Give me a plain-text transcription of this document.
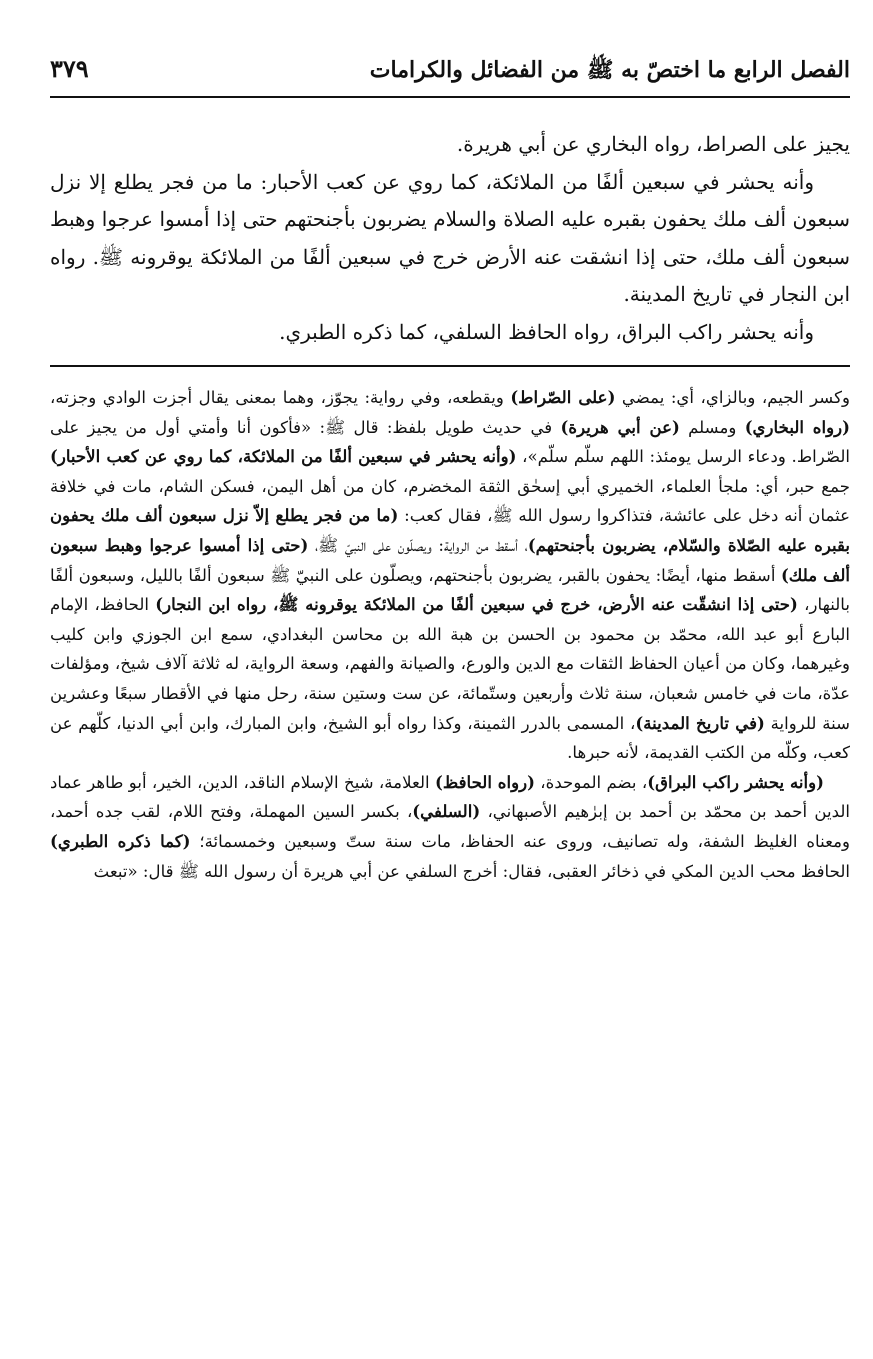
الفصل الرابع ما اختصّ به ﷺ من الفضائل والكرامات
٣٧٩

يجيز على الصراط، رواه البخاري عن أبي هريرة.

وأنه يحشر في سبعين ألفًا من الملائكة، كما روي عن كعب الأحبار: ما من فجر يطلع إلا نزل سبعون ألف ملك يحفون بقبره عليه الصلاة والسلام يضربون بأجنحتهم حتى إذا أمسوا عرجوا وهبط سبعون ألف ملك، حتى إذا انشقت عنه الأرض خرج في سبعين ألفًا من الملائكة يوقرونه ﷺ. رواه ابن النجار في تاريخ المدينة.

وأنه يحشر راكب البراق، رواه الحافظ السلفي، كما ذكره الطبري.

وكسر الجيم، وبالزاي، أي: يمضي (على الصّراط) ويقطعه، وفي رواية: يجوّز، وهما بمعنى يقال أجزت الوادي وجزته، (رواه البخاري) ومسلم (عن أبي هريرة) في حديث طويل بلفظ: قال ﷺ: «فأكون أنا وأمتي أول من يجيز على الصّراط. ودعاء الرسل يومئذ: اللهم سلّم سلّم»، (وأنه يحشر في سبعين ألفًا من الملائكة، كما روي عن كعب الأحبار) جمع حبر، أي: ملجأ العلماء، الخميري أبي إسحٰق الثقة المخضرم، كان من أهل اليمن، فسكن الشام، مات في خلافة عثمان أنه دخل على عائشة، فتذاكروا رسول الله ﷺ، فقال كعب: (ما من فجر يطلع إلاّ نزل سبعون ألف ملك يحفون بقبره عليه الصّلاة والسّلام، يضربون بأجنحتهم)، أسقط من الرواية: ويصلّون على النبيّ ﷺ، (حتى إذا أمسوا عرجوا وهبط سبعون ألف ملك) أسقط منها، أيضًا: يحفون بالقبر، يضربون بأجنحتهم، ويصلّون على النبيّ ﷺ سبعون ألفًا بالليل، وسبعون ألفًا بالنهار، (حتى إذا انشقّت عنه الأرض، خرج في سبعين ألفًا من الملائكة يوقرونه ﷺ، رواه ابن النجار) الحافظ، الإمام البارع أبو عبد الله، محمّد بن محمود بن الحسن بن هبة الله بن محاسن البغدادي، سمع ابن الجوزي وابن كليب وغيرهما، وكان من أعيان الحفاظ الثقات مع الدين والورع، والصيانة والفهم، وسعة الرواية، له ثلاثة آلاف شيخ، ومؤلفات عدّة، مات في خامس شعبان، سنة ثلاث وأربعين وستّمائة، عن ست وستين سنة، رحل منها في الأقطار سبعًا وعشرين سنة للرواية (في تاريخ المدينة)، المسمى بالدرر الثمينة، وكذا رواه أبو الشيخ، وابن المبارك، وابن أبي الدنيا، كلّهم عن كعب، وكلّه من الكتب القديمة، لأنه حبرها.

(وأنه يحشر راكب البراق)، بضم الموحدة، (رواه الحافظ) العلامة، شيخ الإسلام الناقد، الدين، الخير، أبو طاهر عماد الدين أحمد بن محمّد بن أحمد بن إبرٰهيم الأصبهاني، (السلفي)، بكسر السين المهملة، وفتح اللام، لقب جده أحمد، ومعناه الغليظ الشفة، وله تصانيف، وروى عنه الحفاظ، مات سنة ستّ وسبعين وخمسمائة؛ (كما ذكره الطبري) الحافظ محب الدين المكي في ذخائر العقبى، فقال: أخرج السلفي عن أبي هريرة أن رسول الله ﷺ قال: «تبعث
